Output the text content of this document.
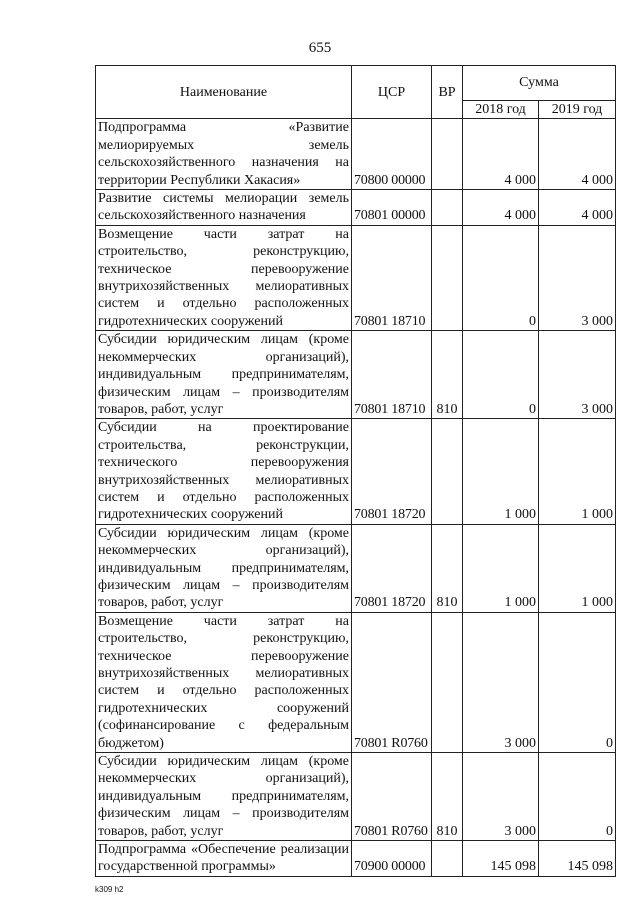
655
Наименование	ЦСР	ВР	Сумма	
			2018 год	2019 год
Подпрограмма «Развитие мелиорируемых земель сельскохозяйственного назначения на территории Республики Хакасия»	70800 00000		4 000	4 000
Развитие системы мелиорации земель сельскохозяйственного назначения	70801 00000		4 000	4 000
Возмещение части затрат на строительство, реконструкцию, техническое перевооружение внутрихозяйственных мелиоративных систем и отдельно расположенных гидротехнических сооружений	70801 18710		0	3 000
Субсидии юридическим лицам (кроме некоммерческих организаций), индивидуальным предпринимателям, физическим лицам – производителям товаров, работ, услуг	70801 18710	810	0	3 000
Субсидии на проектирование строительства, реконструкции, технического перевооружения внутрихозяйственных мелиоративных систем и отдельно расположенных гидротехнических сооружений	70801 18720		1 000	1 000
Субсидии юридическим лицам (кроме некоммерческих организаций), индивидуальным предпринимателям, физическим лицам – производителям товаров, работ, услуг	70801 18720	810	1 000	1 000
Возмещение части затрат на строительство, реконструкцию, техническое перевооружение внутрихозяйственных мелиоративных систем и отдельно расположенных гидротехнических сооружений (софинансирование с федеральным бюджетом)	70801 R0760		3 000	0
Субсидии юридическим лицам (кроме некоммерческих организаций), индивидуальным предпринимателям, физическим лицам – производителям товаров, работ, услуг	70801 R0760	810	3 000	0
Подпрограмма «Обеспечение реализации государственной программы»	70900 00000		145 098	145 098
k309 h2
